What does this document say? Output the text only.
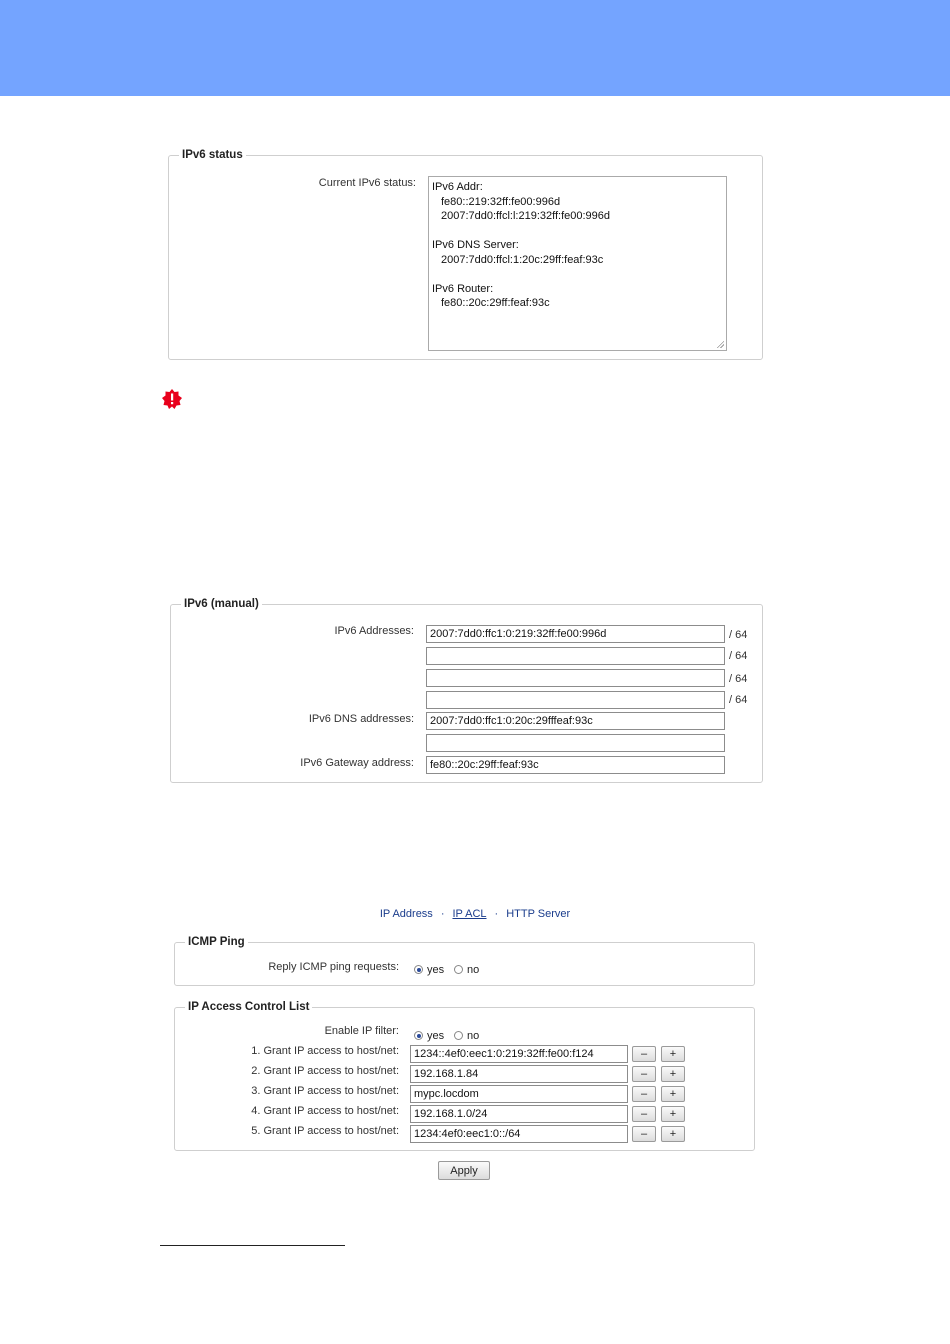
IPv6 status
Current IPv6 status: IPv6 Addr:
fe80::219:32ff:fe00:996d
2007:7dd0:ffcl:l:219:32ff:fe00:996d

IPv6 DNS Server:
2007:7dd0:ffcl:1:20c:29ff:feaf:93c

IPv6 Router:
fe80::20c:29ff:feaf:93c
IPv6 (manual)
IPv6 Addresses:
2007:7dd0:ffc1:0:219:32ff:fe00:996d	/ 64
/ 64
/ 64
/ 64
IPv6 DNS addresses:
2007:7dd0:ffc1:0:20c:29fffeaf:93c
IPv6 Gateway address:
fe80::20c:29ff:feaf:93c
IP Address · IP ACL · HTTP Server
ICMP Ping
Reply ICMP ping requests:	yes no
IP Access Control List
Enable IP filter:	yes no
1. Grant IP access to host/net:
1234::4ef0:eec1:0:219:32ff:fe00:f124	–	+
2. Grant IP access to host/net:
192.168.1.84	–	+
3. Grant IP access to host/net:
mypc.locdom	–	+
4. Grant IP access to host/net:
192.168.1.0/24	–	+
5. Grant IP access to host/net:
1234:4ef0:eec1:0::/64	–	+
Apply
